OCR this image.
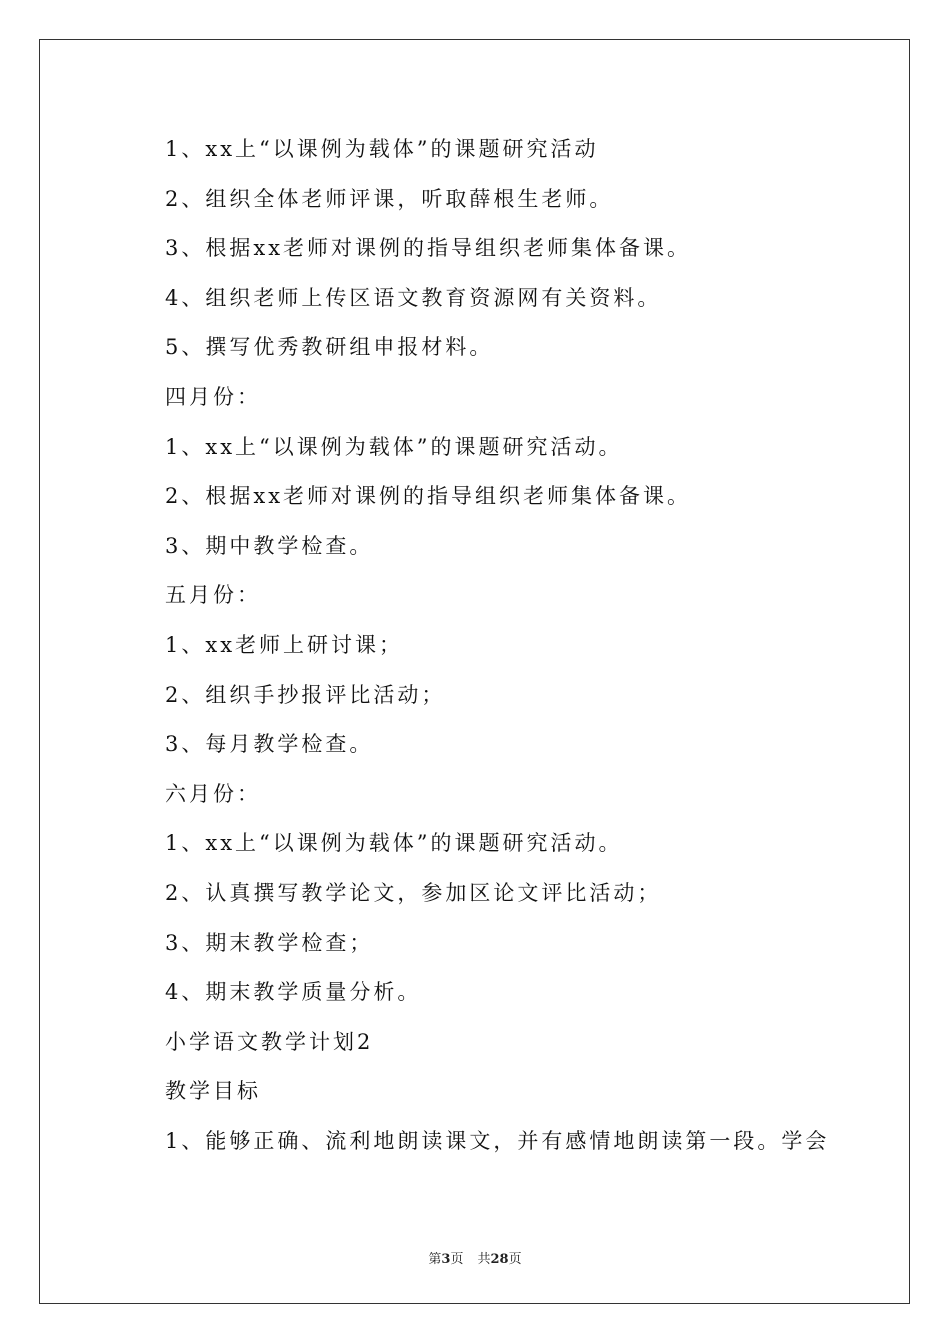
1、xx上“以课例为载体”的课题研究活动
2、组织全体老师评课，听取薛根生老师。
3、根据xx老师对课例的指导组织老师集体备课。
4、组织老师上传区语文教育资源网有关资料。
5、撰写优秀教研组申报材料。
四月份：
1、xx上“以课例为载体”的课题研究活动。
2、根据xx老师对课例的指导组织老师集体备课。
3、期中教学检查。
五月份：
1、xx老师上研讨课；
2、组织手抄报评比活动；
3、每月教学检查。
六月份：
1、xx上“以课例为载体”的课题研究活动。
2、认真撰写教学论文，参加区论文评比活动；
3、期末教学检查；
4、期末教学质量分析。
小学语文教学计划2
教学目标
1、能够正确、流利地朗读课文，并有感情地朗读第一段。学会
第3页 共28页
